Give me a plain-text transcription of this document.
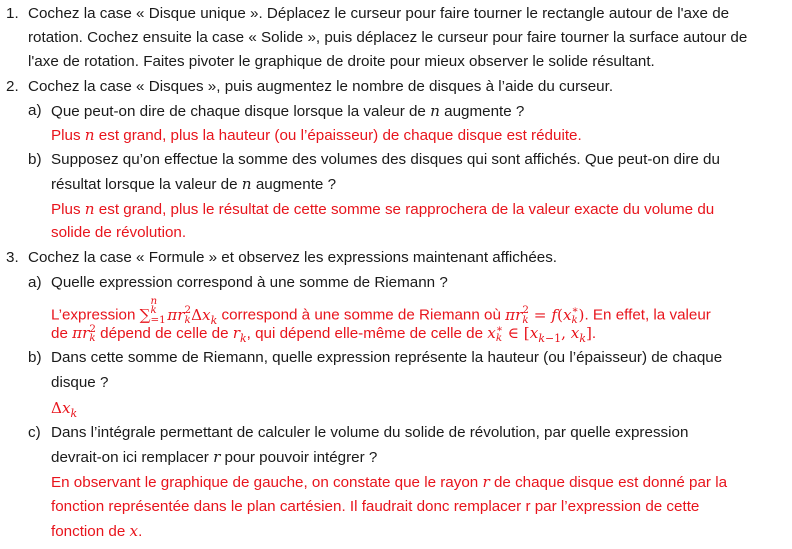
1. Cochez la case « Disque unique ». Déplacez le curseur pour faire tourner le rectangle autour de l'axe de
rotation. Cochez ensuite la case « Solide », puis déplacez le curseur pour faire tourner la surface autour de
l'axe de rotation. Faites pivoter le graphique de droite pour mieux observer le solide résultant.
2. Cochez la case « Disques », puis augmentez le nombre de disques à l’aide du curseur.
a) Que peut-on dire de chaque disque lorsque la valeur de n augmente ?
Plus n est grand, plus la hauteur (ou l’épaisseur) de chaque disque est réduite.
b) Supposez qu’on effectue la somme des volumes des disques qui sont affichés. Que peut-on dire du
résultat lorsque la valeur de n augmente ?
Plus n est grand, plus le résultat de cette somme se rapprochera de la valeur exacte du volume du
solide de révolution.
3. Cochez la case « Formule » et observez les expressions maintenant affichées.
a) Quelle expression correspond à une somme de Riemann ?
L’expression ∑
n
k
=1
  πr 2
k $\Delta x_k$ correspond à une somme de Riemann où πr 2
k = f(x ∗
k ). En effet, la valeur
de πr 2
k dépend de celle de $r_k$, qui dépend elle-même de celle de x ∗
k ∈ [$x_{k-1}$, $x_k$].
b) Dans cette somme de Riemann, quelle expression représente la hauteur (ou l’épaisseur) de chaque
disque ?
$\Delta x_k$
c) Dans l’intégrale permettant de calculer le volume du solide de révolution, par quelle expression
devrait-on ici remplacer r pour pouvoir intégrer ?
En observant le graphique de gauche, on constate que le rayon r de chaque disque est donné par la
fonction représentée dans le plan cartésien. Il faudrait donc remplacer r par l’expression de cette
fonction de x.
